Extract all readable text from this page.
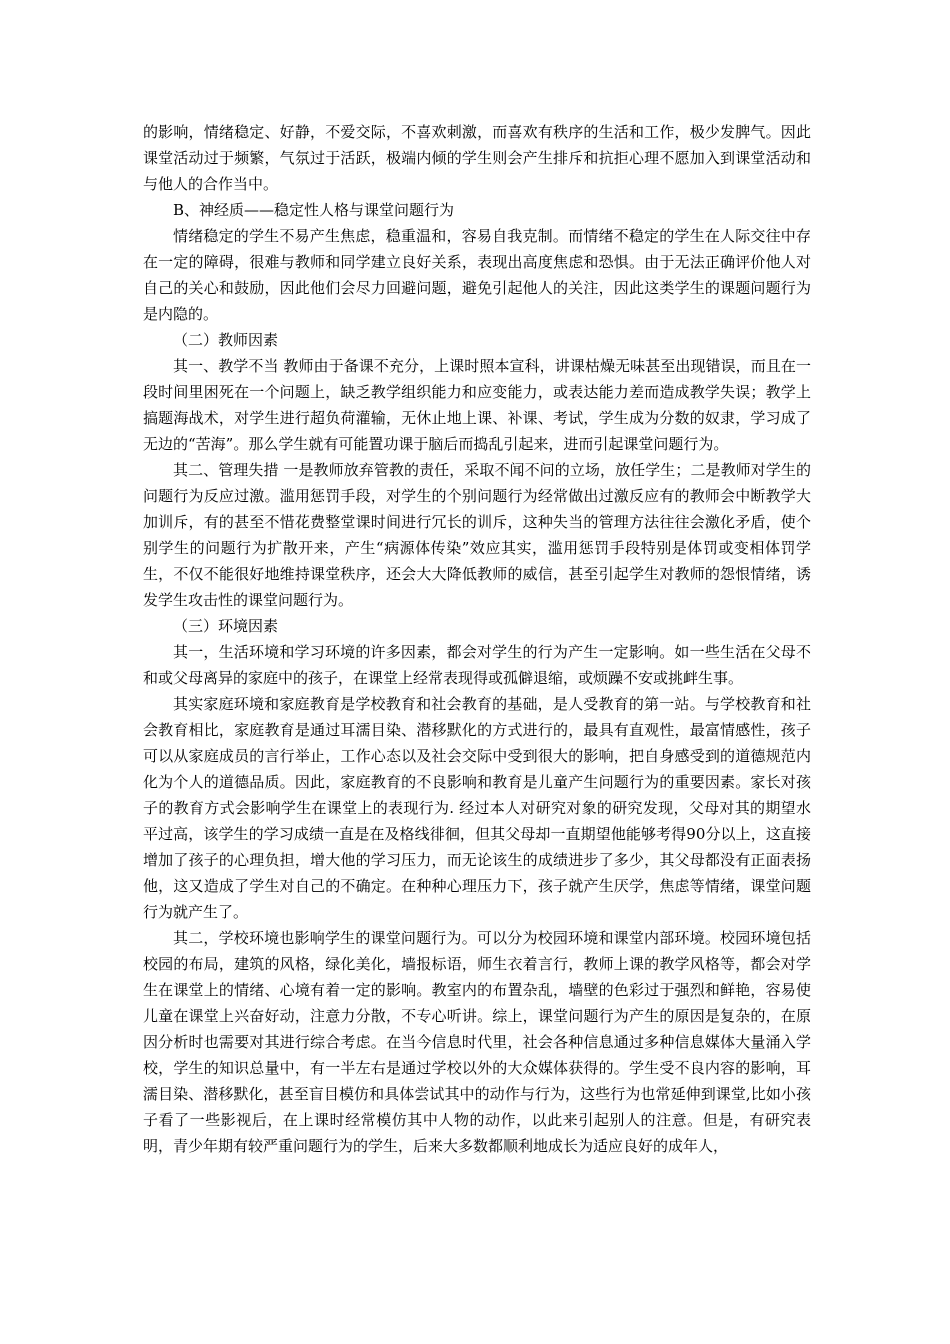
的影响，情绪稳定、好静，不爱交际，不喜欢刺激，而喜欢有秩序的生活和工作，极少发脾气。因此课堂活动过于频繁，气氛过于活跃，极端内倾的学生则会产生排斥和抗拒心理不愿加入到课堂活动和与他人的合作当中。

B、神经质——稳定性人格与课堂问题行为

情绪稳定的学生不易产生焦虑，稳重温和，容易自我克制。而情绪不稳定的学生在人际交往中存在一定的障碍，很难与教师和同学建立良好关系，表现出高度焦虑和恐惧。由于无法正确评价他人对自己的关心和鼓励，因此他们会尽力回避问题，避免引起他人的关注，因此这类学生的课题问题行为是内隐的。

（二）教师因素

其一、教学不当 教师由于备课不充分，上课时照本宣科，讲课枯燥无味甚至出现错误，而且在一段时间里困死在一个问题上，缺乏教学组织能力和应变能力，或表达能力差而造成教学失误；教学上搞题海战术，对学生进行超负荷灌输，无休止地上课、补课、考试，学生成为分数的奴隶，学习成了无边的“苦海”。那么学生就有可能置功课于脑后而捣乱引起来，进而引起课堂问题行为。

其二、管理失措 一是教师放弃管教的责任，采取不闻不问的立场，放任学生；二是教师对学生的问题行为反应过激。滥用惩罚手段，对学生的个别问题行为经常做出过激反应有的教师会中断教学大加训斥，有的甚至不惜花费整堂课时间进行冗长的训斥，这种失当的管理方法往往会激化矛盾，使个别学生的问题行为扩散开来，产生“病源体传染”效应其实，滥用惩罚手段特别是体罚或变相体罚学生，不仅不能很好地维持课堂秩序，还会大大降低教师的威信，甚至引起学生对教师的怨恨情绪，诱发学生攻击性的课堂问题行为。

（三）环境因素

其一，生活环境和学习环境的许多因素，都会对学生的行为产生一定影响。如一些生活在父母不和或父母离异的家庭中的孩子，在课堂上经常表现得或孤僻退缩，或烦躁不安或挑衅生事。

其实家庭环境和家庭教育是学校教育和社会教育的基础，是人受教育的第一站。与学校教育和社会教育相比，家庭教育是通过耳濡目染、潜移默化的方式进行的，最具有直观性，最富情感性，孩子可以从家庭成员的言行举止，工作心态以及社会交际中受到很大的影响，把自身感受到的道德规范内化为个人的道德品质。因此，家庭教育的不良影响和教育是儿童产生问题行为的重要因素。家长对孩子的教育方式会影响学生在课堂上的表现行为. 经过本人对研究对象的研究发现，父母对其的期望水平过高，该学生的学习成绩一直是在及格线徘徊，但其父母却一直期望他能够考得90分以上，这直接增加了孩子的心理负担，增大他的学习压力，而无论该生的成绩进步了多少，其父母都没有正面表扬他，这又造成了学生对自己的不确定。在种种心理压力下，孩子就产生厌学，焦虑等情绪，课堂问题行为就产生了。

其二，学校环境也影响学生的课堂问题行为。可以分为校园环境和课堂内部环境。校园环境包括校园的布局，建筑的风格，绿化美化，墙报标语，师生衣着言行，教师上课的教学风格等，都会对学生在课堂上的情绪、心境有着一定的影响。教室内的布置杂乱，墙壁的色彩过于强烈和鲜艳，容易使儿童在课堂上兴奋好动，注意力分散，不专心听讲。综上，课堂问题行为产生的原因是复杂的，在原因分析时也需要对其进行综合考虑。在当今信息时代里，社会各种信息通过多种信息媒体大量涌入学校，学生的知识总量中，有一半左右是通过学校以外的大众媒体获得的。学生受不良内容的影响，耳濡目染、潜移默化，甚至盲目模仿和具体尝试其中的动作与行为，这些行为也常延伸到课堂,比如小孩子看了一些影视后，在上课时经常模仿其中人物的动作，以此来引起别人的注意。但是，有研究表明，青少年期有较严重问题行为的学生，后来大多数都顺利地成长为适应良好的成年人，
